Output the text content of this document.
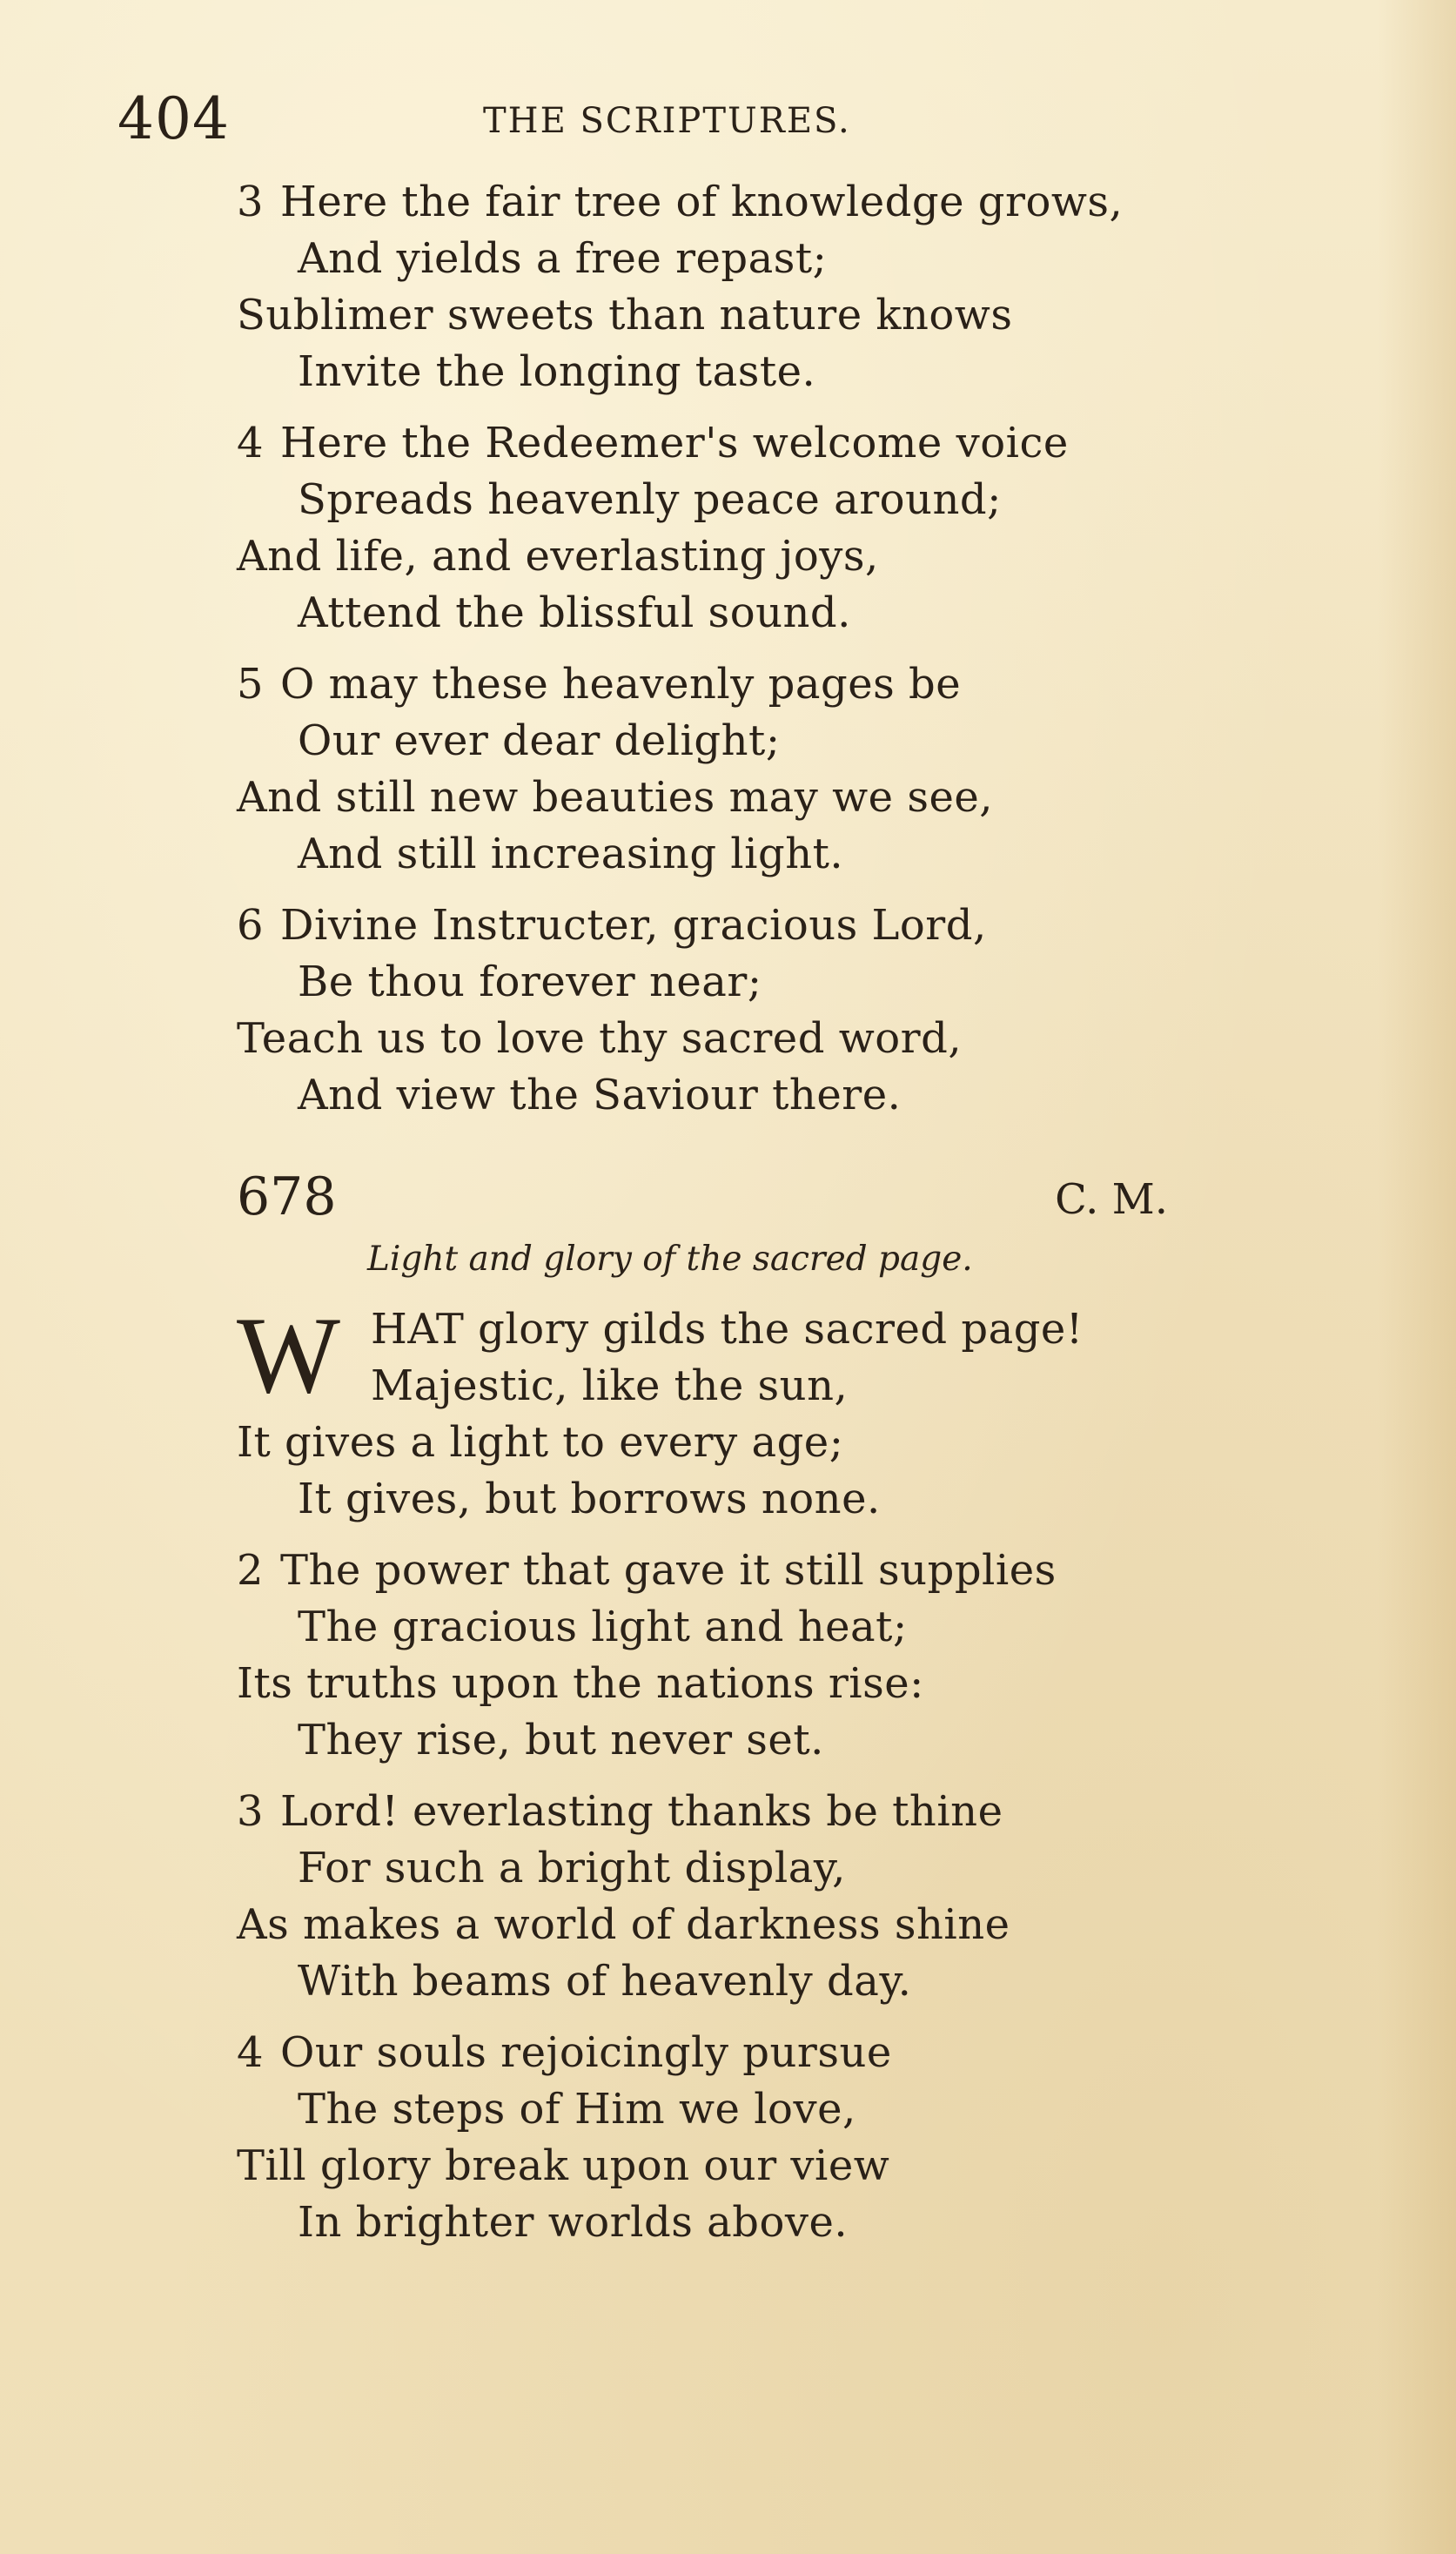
404	THE SCRIPTURES.
3 Here the fair tree of knowledge grows,
And yields a free repast;
Sublimer sweets than nature knows
Invite the longing taste.
4 Here the Redeemer's welcome voice
Spreads heavenly peace around;
And life, and everlasting joys,
Attend the blissful sound.
5 O may these heavenly pages be
Our ever dear delight;
And still new beauties may we see,
And still increasing light.
6 Divine Instructer, gracious Lord,
Be thou forever near;
Teach us to love thy sacred word,
And view the Saviour there.
678	C. M.
Light and glory of the sacred page.
W HAT glory gilds the sacred page!
Majestic, like the sun,
It gives a light to every age;
It gives, but borrows none.
2 The power that gave it still supplies
The gracious light and heat;
Its truths upon the nations rise:
They rise, but never set.
3 Lord! everlasting thanks be thine
For such a bright display,
As makes a world of darkness shine
With beams of heavenly day.
4 Our souls rejoicingly pursue
The steps of Him we love,
Till glory break upon our view
In brighter worlds above.
